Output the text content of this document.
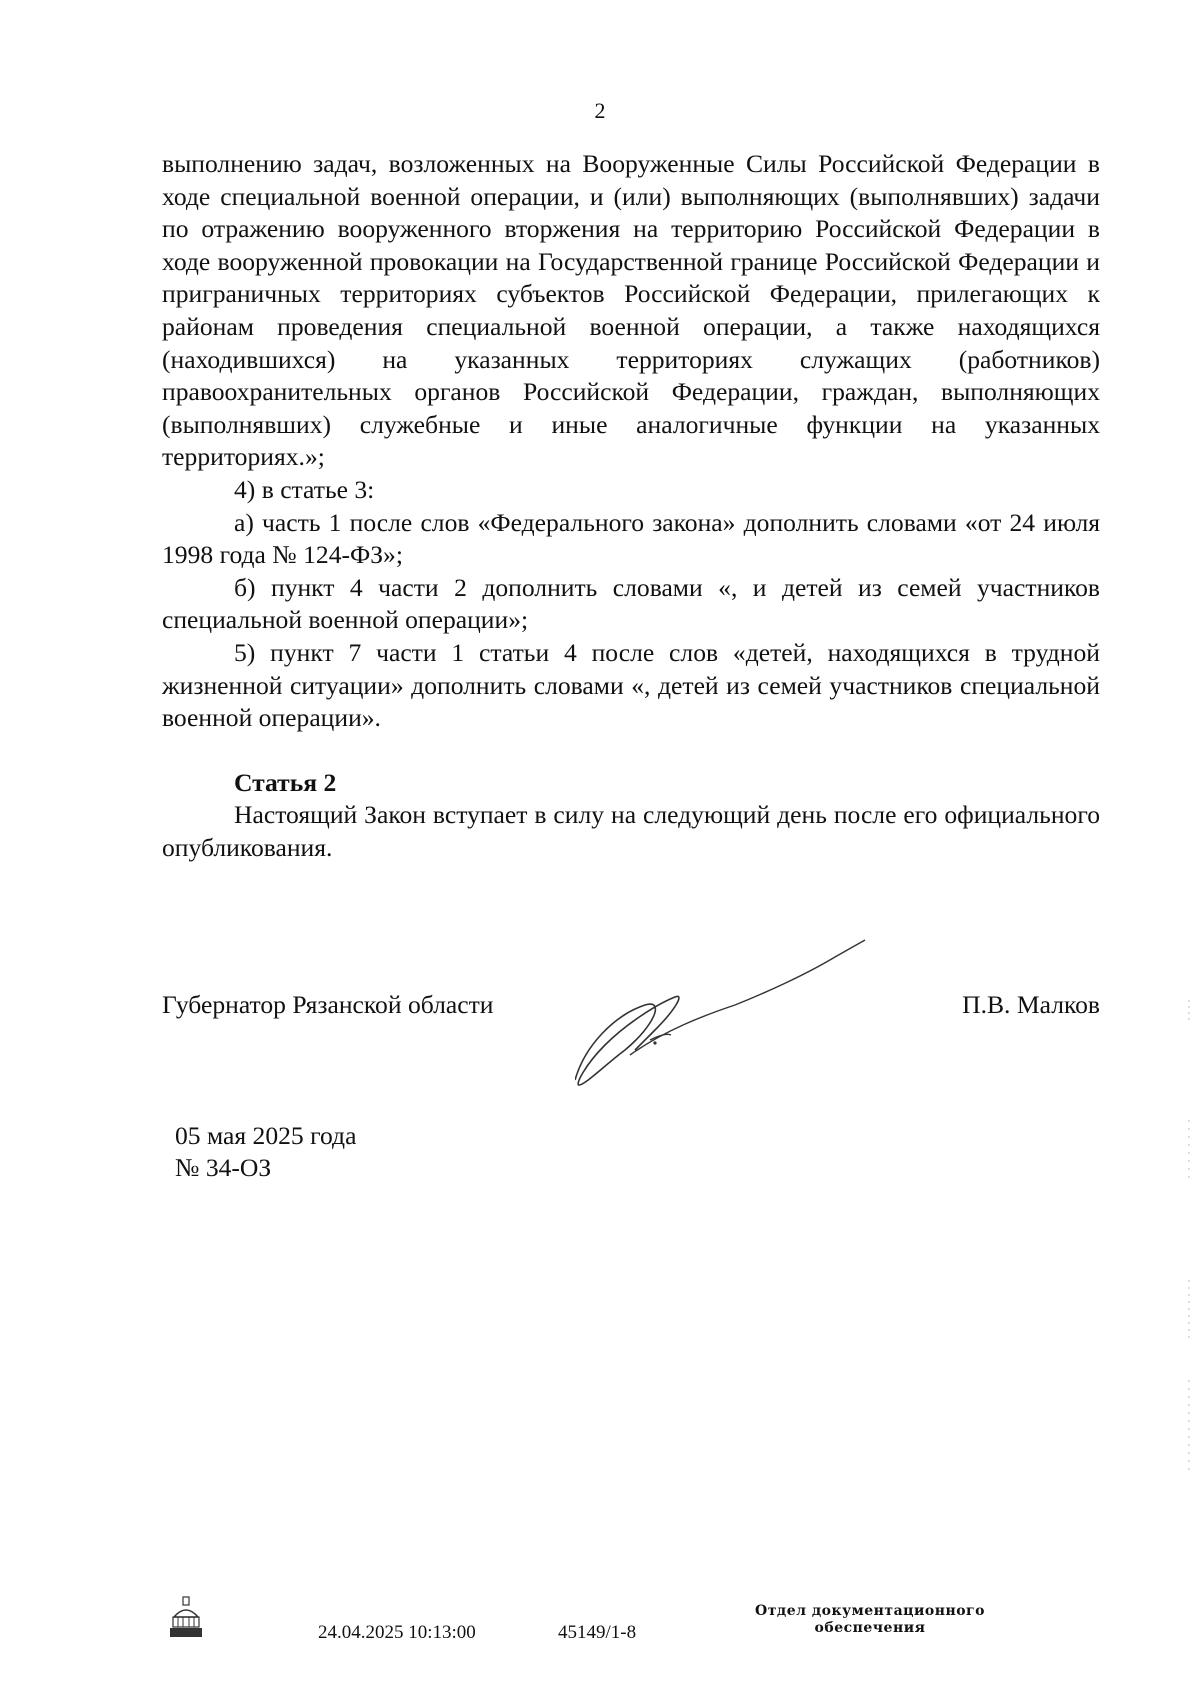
2

выполнению задач, возложенных на Вооруженные Силы Российской Федерации в ходе специальной военной операции, и (или) выполняющих (выполнявших) задачи по отражению вооруженного вторжения на территорию Российской Федерации в ходе вооруженной провокации на Государственной границе Российской Федерации и приграничных территориях субъектов Российской Федерации, прилегающих к районам проведения специальной военной операции, а также находящихся (находившихся) на указанных территориях служащих (работников) правоохранительных органов Российской Федерации, граждан, выполняющих (выполнявших) служебные и иные аналогичные функции на указанных территориях.»;

4) в статье 3:

а) часть 1 после слов «Федерального закона» дополнить словами «от 24 июля 1998 года № 124-ФЗ»;

б) пункт 4 части 2 дополнить словами «, и детей из семей участников специальной военной операции»;

5) пункт 7 части 1 статьи 4 после слов «детей, находящихся в трудной жизненной ситуации» дополнить словами «, детей из семей участников специальной военной операции».

Статья 2

Настоящий Закон вступает в силу на следующий день после его официального опубликования.

Губернатор Рязанской области	П.В. Малков
05 мая 2025 года
№ 34-ОЗ
24.04.2025 10:13:00	45149/1-8
Отдел документационного
обеспечения
